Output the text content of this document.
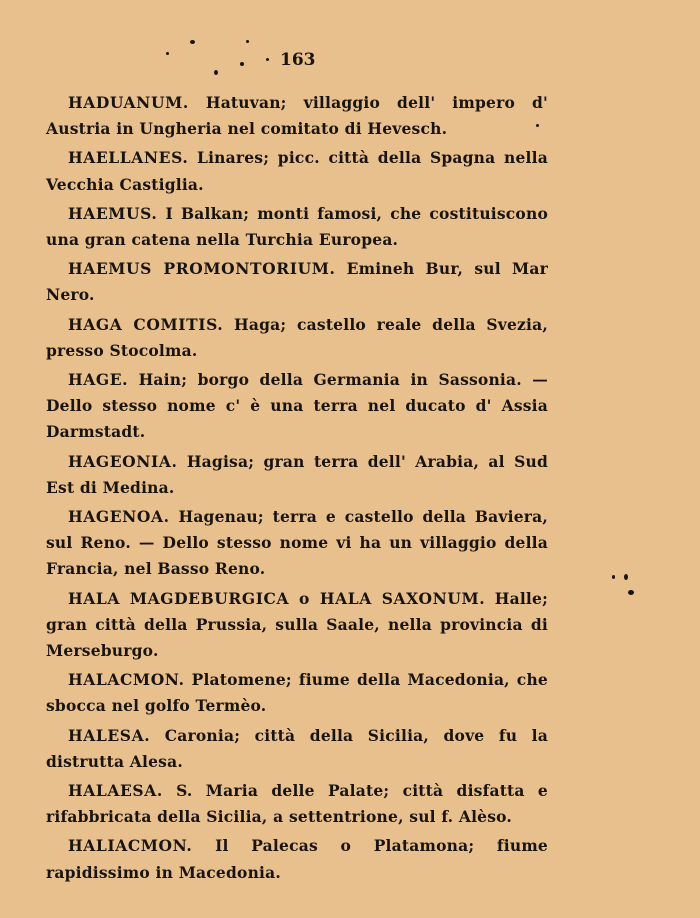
163

HADUANUM. Hatuvan; villaggio dell' impero d' Austria in Ungheria nel comitato di Hevesch.

HAELLANES. Linares; picc. città della Spagna nella Vecchia Castiglia.

HAEMUS. I Balkan; monti famosi, che costituiscono una gran catena nella Turchia Europea.

HAEMUS PROMONTORIUM. Emineh Bur, sul Mar Nero.

HAGA COMITIS. Haga; castello reale della Svezia, presso Stocolma.

HAGE. Hain; borgo della Germania in Sassonia. — Dello stesso nome c' è una terra nel ducato d' Assia Darmstadt.

HAGEONIA. Hagisa; gran terra dell' Arabia, al Sud Est di Medina.

HAGENOA. Hagenau; terra e castello della Baviera, sul Reno. — Dello stesso nome vi ha un villaggio della Francia, nel Basso Reno.

HALA MAGDEBURGICA o HALA SAXONUM. Halle; gran città della Prussia, sulla Saale, nella provincia di Merseburgo.

HALACMON. Platomene; fiume della Macedonia, che sbocca nel golfo Termèo.

HALESA. Caronia; città della Sicilia, dove fu la distrutta Alesa.

HALAESA. S. Maria delle Palate; città disfatta e rifabbricata della Sicilia, a settentrione, sul f. Alèso.

HALIACMON. Il Palecas o Platamona; fiume rapidissimo in Macedonia.
